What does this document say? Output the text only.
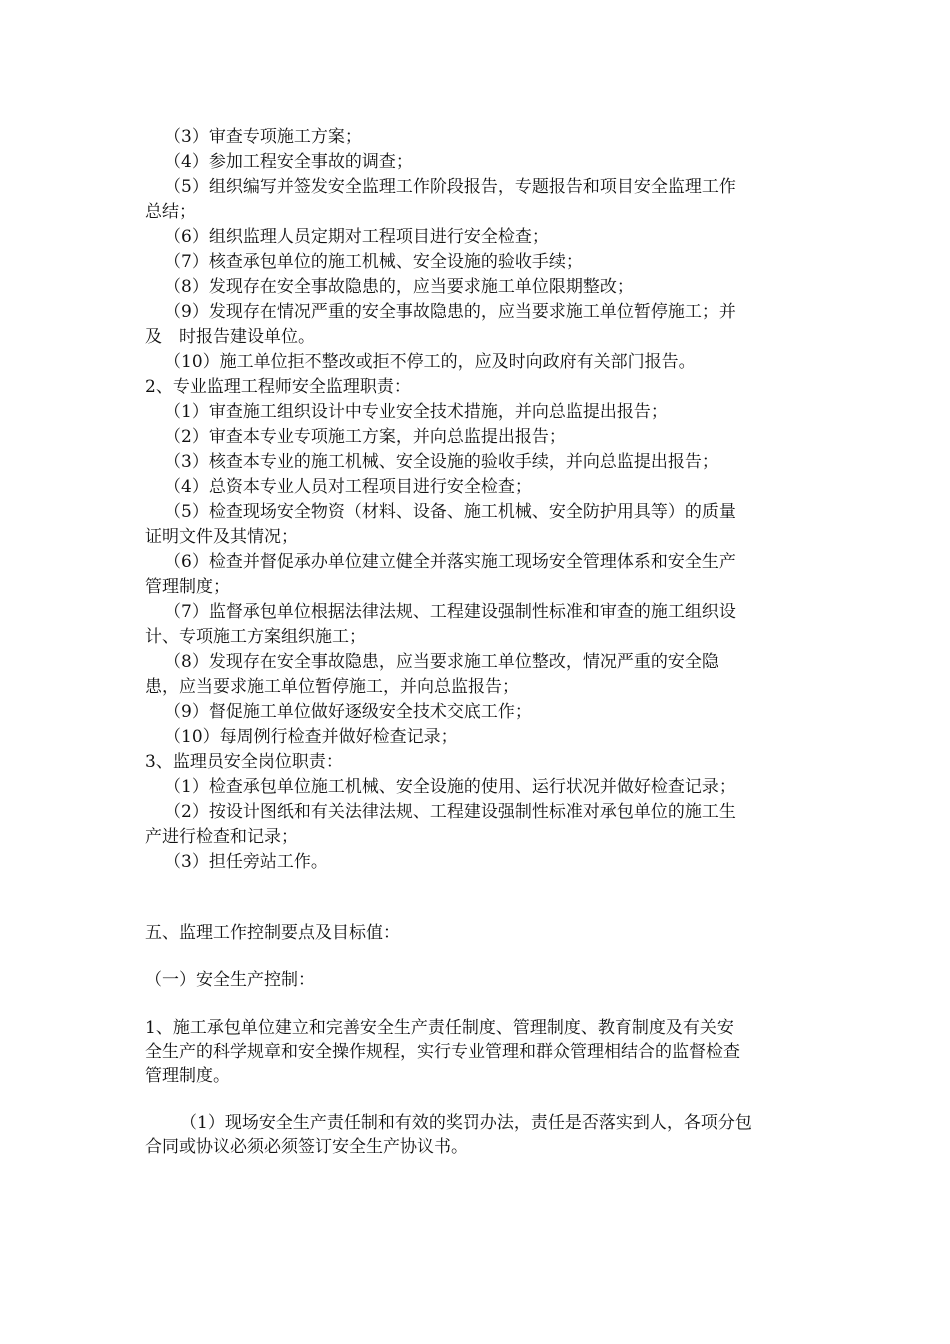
（3）审查专项施工方案；

（4）参加工程安全事故的调查；

（5）组织编写并签发安全监理工作阶段报告，专题报告和项目安全监理工作

总结；

（6）组织监理人员定期对工程项目进行安全检查；

（7）核查承包单位的施工机械、安全设施的验收手续；

（8）发现存在安全事故隐患的，应当要求施工单位限期整改；

（9）发现存在情况严重的安全事故隐患的，应当要求施工单位暂停施工；并

及　时报告建设单位。

（10）施工单位拒不整改或拒不停工的，应及时向政府有关部门报告。

2、专业监理工程师安全监理职责：

（1）审查施工组织设计中专业安全技术措施，并向总监提出报告；

（2）审查本专业专项施工方案，并向总监提出报告；

（3）核查本专业的施工机械、安全设施的验收手续，并向总监提出报告；

（4）总资本专业人员对工程项目进行安全检查；

（5）检查现场安全物资（材料、设备、施工机械、安全防护用具等）的质量

证明文件及其情况；

（6）检查并督促承办单位建立健全并落实施工现场安全管理体系和安全生产

管理制度；

（7）监督承包单位根据法律法规、工程建设强制性标准和审查的施工组织设

计、专项施工方案组织施工；

（8）发现存在安全事故隐患，应当要求施工单位整改，情况严重的安全隐

患，应当要求施工单位暂停施工，并向总监报告；

（9）督促施工单位做好逐级安全技术交底工作；

（10）每周例行检查并做好检查记录；

3、监理员安全岗位职责：

（1）检查承包单位施工机械、安全设施的使用、运行状况并做好检查记录；

（2）按设计图纸和有关法律法规、工程建设强制性标准对承包单位的施工生

产进行检查和记录；

（3）担任旁站工作。

五、监理工作控制要点及目标值：

（一）安全生产控制：

1、施工承包单位建立和完善安全生产责任制度、管理制度、教育制度及有关安

全生产的科学规章和安全操作规程，实行专业管理和群众管理相结合的监督检查

管理制度。

（1）现场安全生产责任制和有效的奖罚办法，责任是否落实到人，各项分包

合同或协议必须必须签订安全生产协议书。
